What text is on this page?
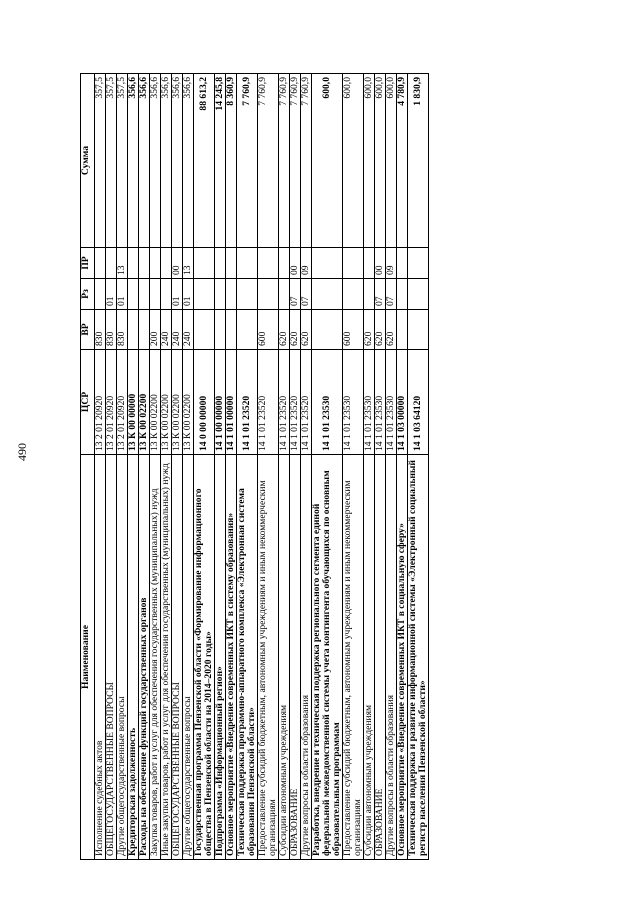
490
Наименование	ЦСР	ВР	Рз	ПР	Сумма
Исполнение судебных актов	13 2 01 20920	830			357,5
ОБЩЕГОСУДАРСТВЕННЫЕ ВОПРОСЫ	13 2 01 20920	830	01		357,5
Другие общегосударственные вопросы	13 2 01 20920	830	01	13	357,5
Кредиторская задолженность	13 К 00 00000				356,6
Расходы на обеспечение функций государственных органов	13 К 00 02200				356,6
Закупка товаров, работ и услуг для обеспечения государственных (муниципальных) нужд	13 К 00 02200	200			356,6
Иные закупки товаров, работ и услуг для обеспечения государственных (муниципальных) нужд	13 К 00 02200	240			356,6
ОБЩЕГОСУДАРСТВЕННЫЕ ВОПРОСЫ	13 К 00 02200	240	01	00	356,6
Другие общегосударственные вопросы	13 К 00 02200	240	01	13	356,6
Государственная программа Пензенской области «Формирование информационного общества в Пензенской области на 2014–2020 годы»	14 0 00 00000				88 613,2
Подпрограмма «Информационный регион»	14 1 00 00000				14 245,8
Основное мероприятие «Внедрение современных ИКТ в систему образования»	14 1 01 00000				8 360,9
Техническая поддержка программно-аппаратного комплекса «Электронная система образования Пензенской области»	14 1 01 23520				7 760,9
Предоставление субсидий бюджетным, автономным учреждениям и иным некоммерческим организациям	14 1 01 23520	600			7 760,9
Субсидии автономным учреждениям	14 1 01 23520	620			7 760,9
ОБРАЗОВАНИЕ	14 1 01 23520	620	07	00	7 760,9
Другие вопросы в области образования	14 1 01 23520	620	07	09	7 760,9
Разработка, внедрение и техническая поддержка регионального сегмента единой федеральной межведомственной системы учета контингента обучающихся по основным образовательным программам	14 1 01 23530				600,0
Предоставление субсидий бюджетным, автономным учреждениям и иным некоммерческим организациям	14 1 01 23530	600			600,0
Субсидии автономным учреждениям	14 1 01 23530	620			600,0
ОБРАЗОВАНИЕ	14 1 01 23530	620	07	00	600,0
Другие вопросы в области образования	14 1 01 23530	620	07	09	600,0
Основное мероприятие «Внедрение современных ИКТ в социальную сферу»	14 1 03 00000				4 780,9
Техническая поддержка и развитие информационной системы «Электронный социальный регистр населения Пензенской области»	14 1 03 64120				1 830,9
